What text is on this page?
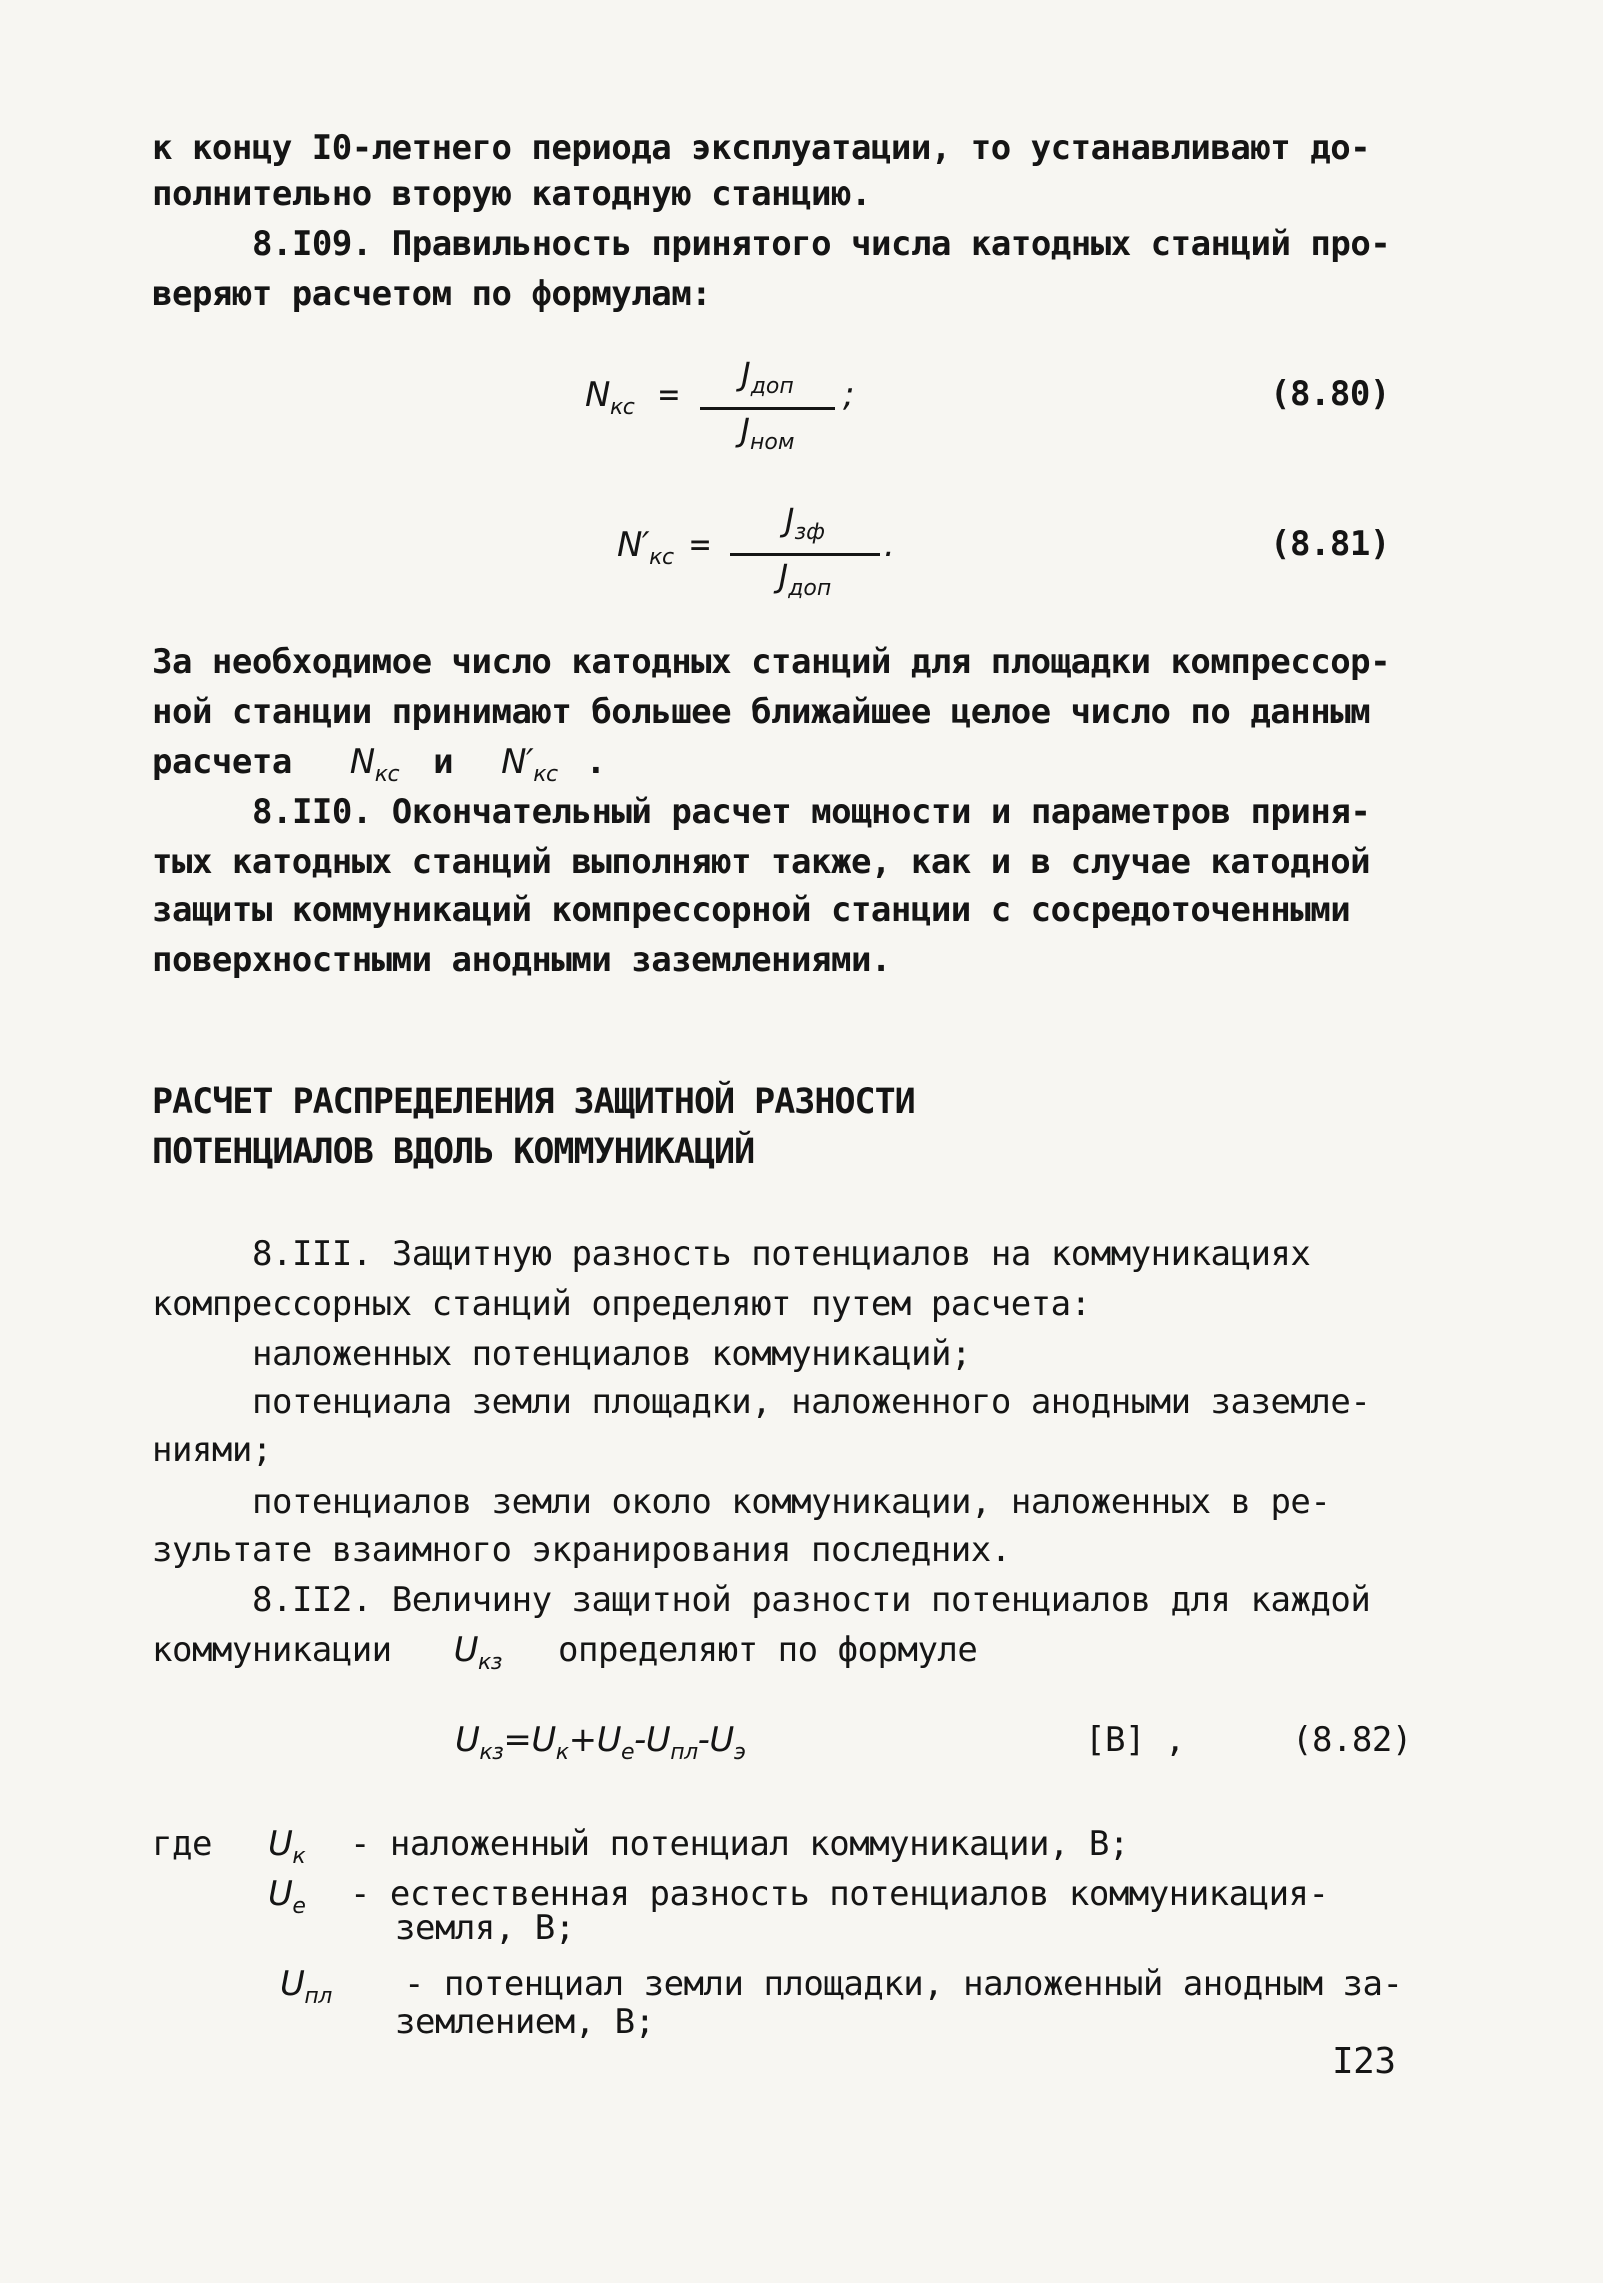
к концу I0-летнего периода эксплуатации, то устанавливают до-
полнительно вторую катодную станцию.
8.I09. Правильность принятого числа катодных станций про-
веряют расчетом по формулам:
$N_{кс}$ =
$J_{доп}$
$J_{ном}$
;	(8.80)
$N'_{кс}$ =
$J_{зф}$
$J_{доп}$
.	(8.81)
За необходимое число катодных станций для площадки компрессор-
ной станции принимают большее ближайшее целое число по данным
расчета $N_{кс}$ и $N'_{кс}$ .
8.II0. Окончательный расчет мощности и параметров приня-
тых катодных станций выполняют также, как и в случае катодной
защиты коммуникаций компрессорной станции с сосредоточенными
поверхностными анодными заземлениями.
РАСЧЕТ РАСПРЕДЕЛЕНИЯ ЗАЩИТНОЙ РАЗНОСТИ
ПОТЕНЦИАЛОВ ВДОЛЬ КОММУНИКАЦИЙ
8.III. Защитную разность потенциалов на коммуникациях
компрессорных станций определяют путем расчета:
наложенных потенциалов коммуникаций;
потенциала земли площадки, наложенного анодными заземле-
ниями;
потенциалов земли около коммуникации, наложенных в ре-
зультате взаимного экранирования последних.
8.II2. Величину защитной разности потенциалов для каждой
коммуникации $U_{кз}$ определяют по формуле
$U_{кз}=U_к+U_e-U_{пл}-U_э$	[В] ,	(8.82)
где $U_к$ - наложенный потенциал коммуникации, В;
$U_e$ - естественная разность потенциалов коммуникация-
земля, В;
$U_{пл}$ - потенциал земли площадки, наложенный анодным за-
землением, В;
I23
